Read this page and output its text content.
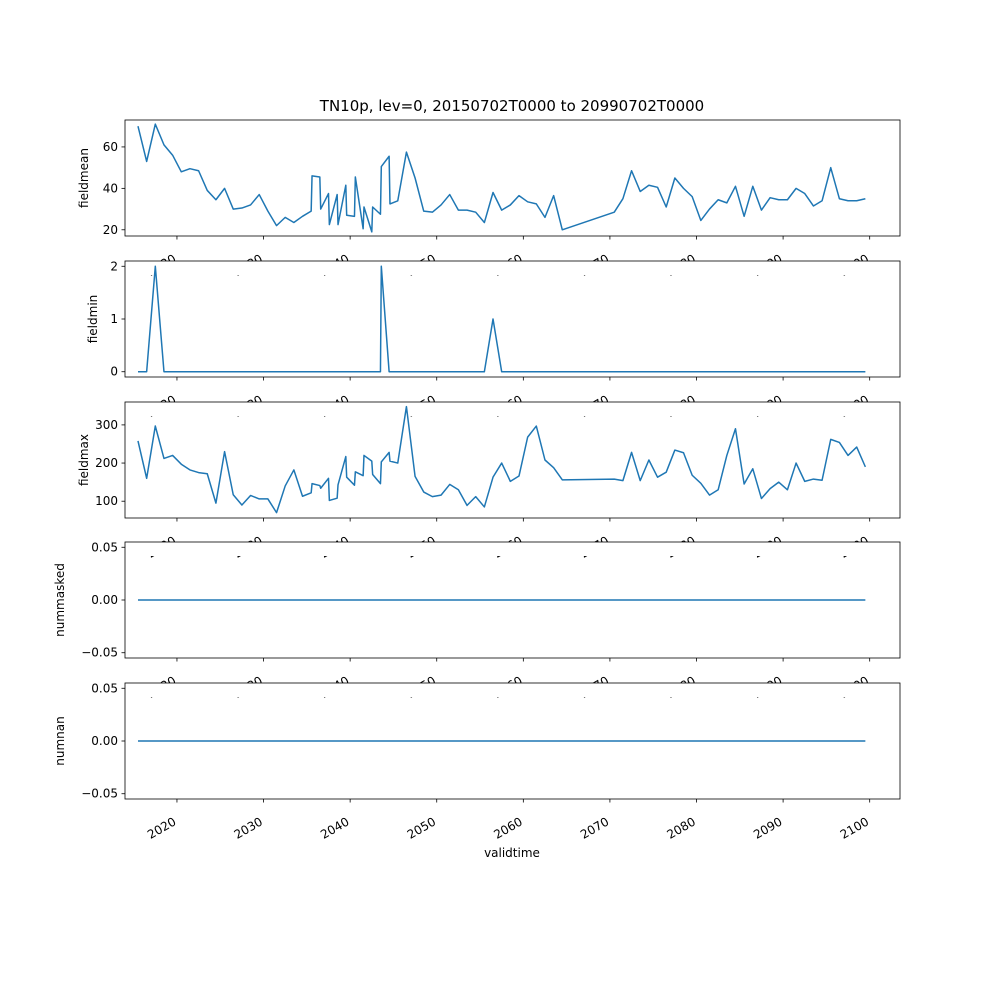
TN10p, lev=0, 20150702T0000 to 20990702T0000
20
40
60
fieldmean
0
1
2
fieldmin
100
200
300
fieldmax
−0.05
0.00
0.05
nummasked
−0.05
0.00
0.05
2020	2030	2040	2050	2060	2070	2080	2090	2100
numnan
validtime
